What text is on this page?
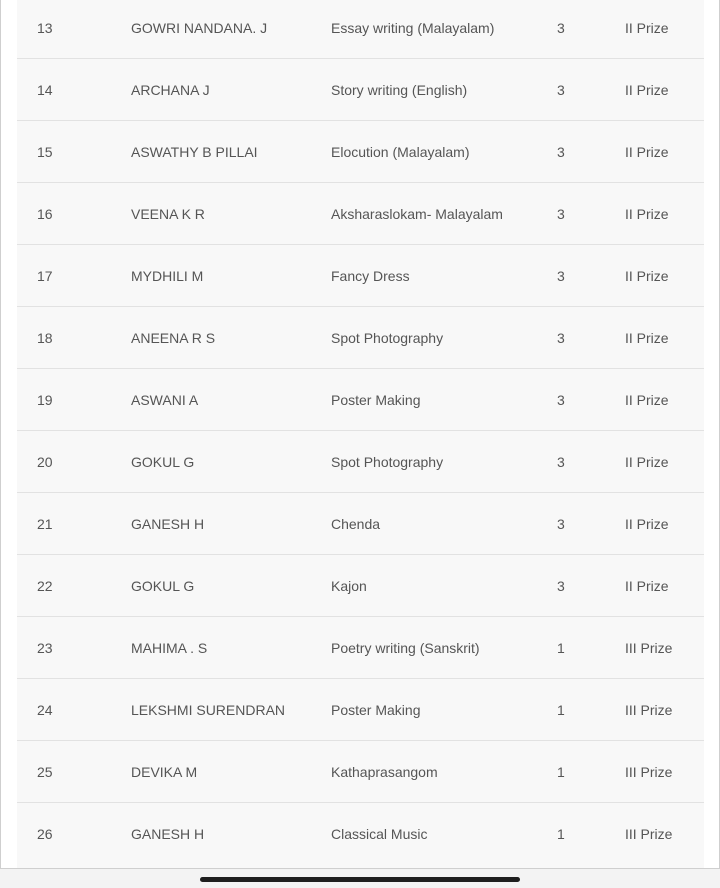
13	GOWRI NANDANA. J	Essay writing (Malayalam)	3	II Prize
14	ARCHANA J	Story writing (English)	3	II Prize
15	ASWATHY B PILLAI	Elocution (Malayalam)	3	II Prize
16	VEENA K R	Aksharaslokam- Malayalam	3	II Prize
17	MYDHILI M	Fancy Dress	3	II Prize
18	ANEENA R S	Spot Photography	3	II Prize
19	ASWANI A	Poster Making	3	II Prize
20	GOKUL G	Spot Photography	3	II Prize
21	GANESH H	Chenda	3	II Prize
22	GOKUL G	Kajon	3	II Prize
23	MAHIMA . S	Poetry writing (Sanskrit)	1	III Prize
24	LEKSHMI SURENDRAN	Poster Making	1	III Prize
25	DEVIKA M	Kathaprasangom	1	III Prize
26	GANESH H	Classical Music	1	III Prize
